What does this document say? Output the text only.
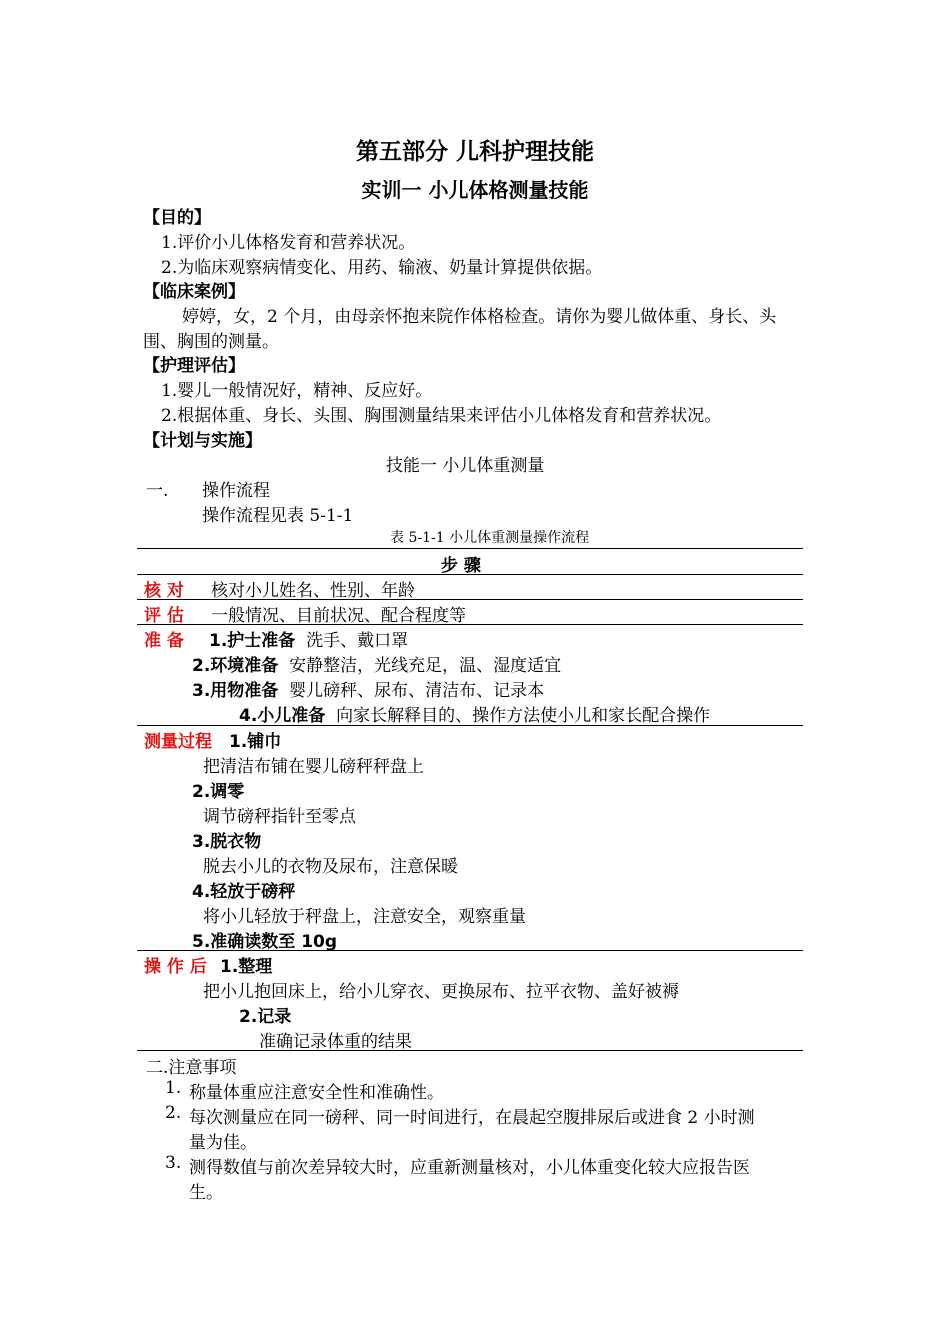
第五部分 儿科护理技能
实训一 小儿体格测量技能
【目的】
1.评价小儿体格发育和营养状况。
2.为临床观察病情变化、用药、输液、奶量计算提供依据。
【临床案例】
婷婷，女，2 个月，由母亲怀抱来院作体格检查。请你为婴儿做体重、身长、头
围、胸围的测量。
【护理评估】
1.婴儿一般情况好，精神、反应好。
2.根据体重、身长、头围、胸围测量结果来评估小儿体格发育和营养状况。
【计划与实施】
技能一 小儿体重测量
一. 操作流程
操作流程见表 5-1-1
表 5-1-1 小儿体重测量操作流程
步 骤
核 对 核对小儿姓名、性别、年龄
评 估 一般情况、目前状况、配合程度等
准 备 1.护士准备 洗手、戴口罩
2.环境准备 安静整洁，光线充足，温、湿度适宜
3.用物准备 婴儿磅秤、尿布、清洁布、记录本
4.小儿准备 向家长解释目的、操作方法使小儿和家长配合操作
测量过程 1.铺巾
把清洁布铺在婴儿磅秤秤盘上
2.调零
调节磅秤指针至零点
3.脱衣物
脱去小儿的衣物及尿布，注意保暖
4.轻放于磅秤
将小儿轻放于秤盘上，注意安全，观察重量
5.准确读数至 10g
操 作 后 1.整理
把小儿抱回床上，给小儿穿衣、更换尿布、拉平衣物、盖好被褥
2.记录
准确记录体重的结果
二.注意事项
1. 称量体重应注意安全性和准确性。
2. 每次测量应在同一磅秤、同一时间进行，在晨起空腹排尿后或进食 2 小时测
量为佳。
3. 测得数值与前次差异较大时，应重新测量核对，小儿体重变化较大应报告医
生。
